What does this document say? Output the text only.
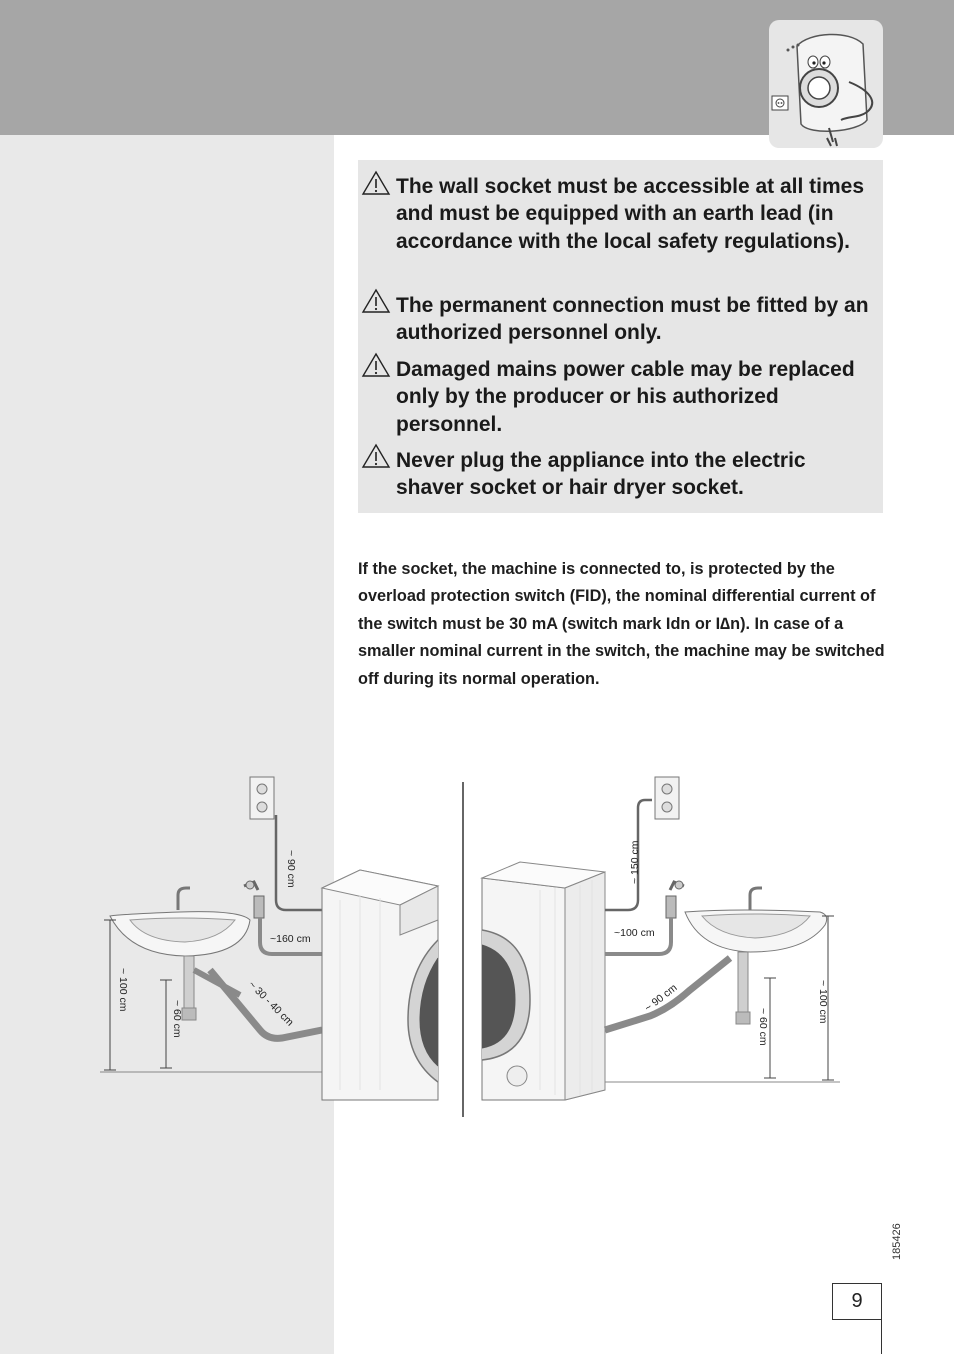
The wall socket must be accessible at all times and must be equipped with an earth lead (in accordance with the local safety regulations).
The permanent connection must be fitted by an authorized personnel only.
Damaged mains power cable may be replaced only by the producer or his authorized personnel.
Never plug the appliance into the electric shaver socket or hair dryer socket.
If the socket, the machine is connected to, is protected by the overload protection switch (FID), the nominal differential current of the switch must be 30 mA (switch mark Idn or I∆n). In case of a smaller nominal current in the switch, the machine may be switched off during its normal operation.
~ 90 cm
~160 cm
~ 30 - 40 cm
~ 100 cm
~ 60 cm
~ 150 cm
~100 cm
~ 90 cm	~ 100 cm
~ 60 cm
185426
9
